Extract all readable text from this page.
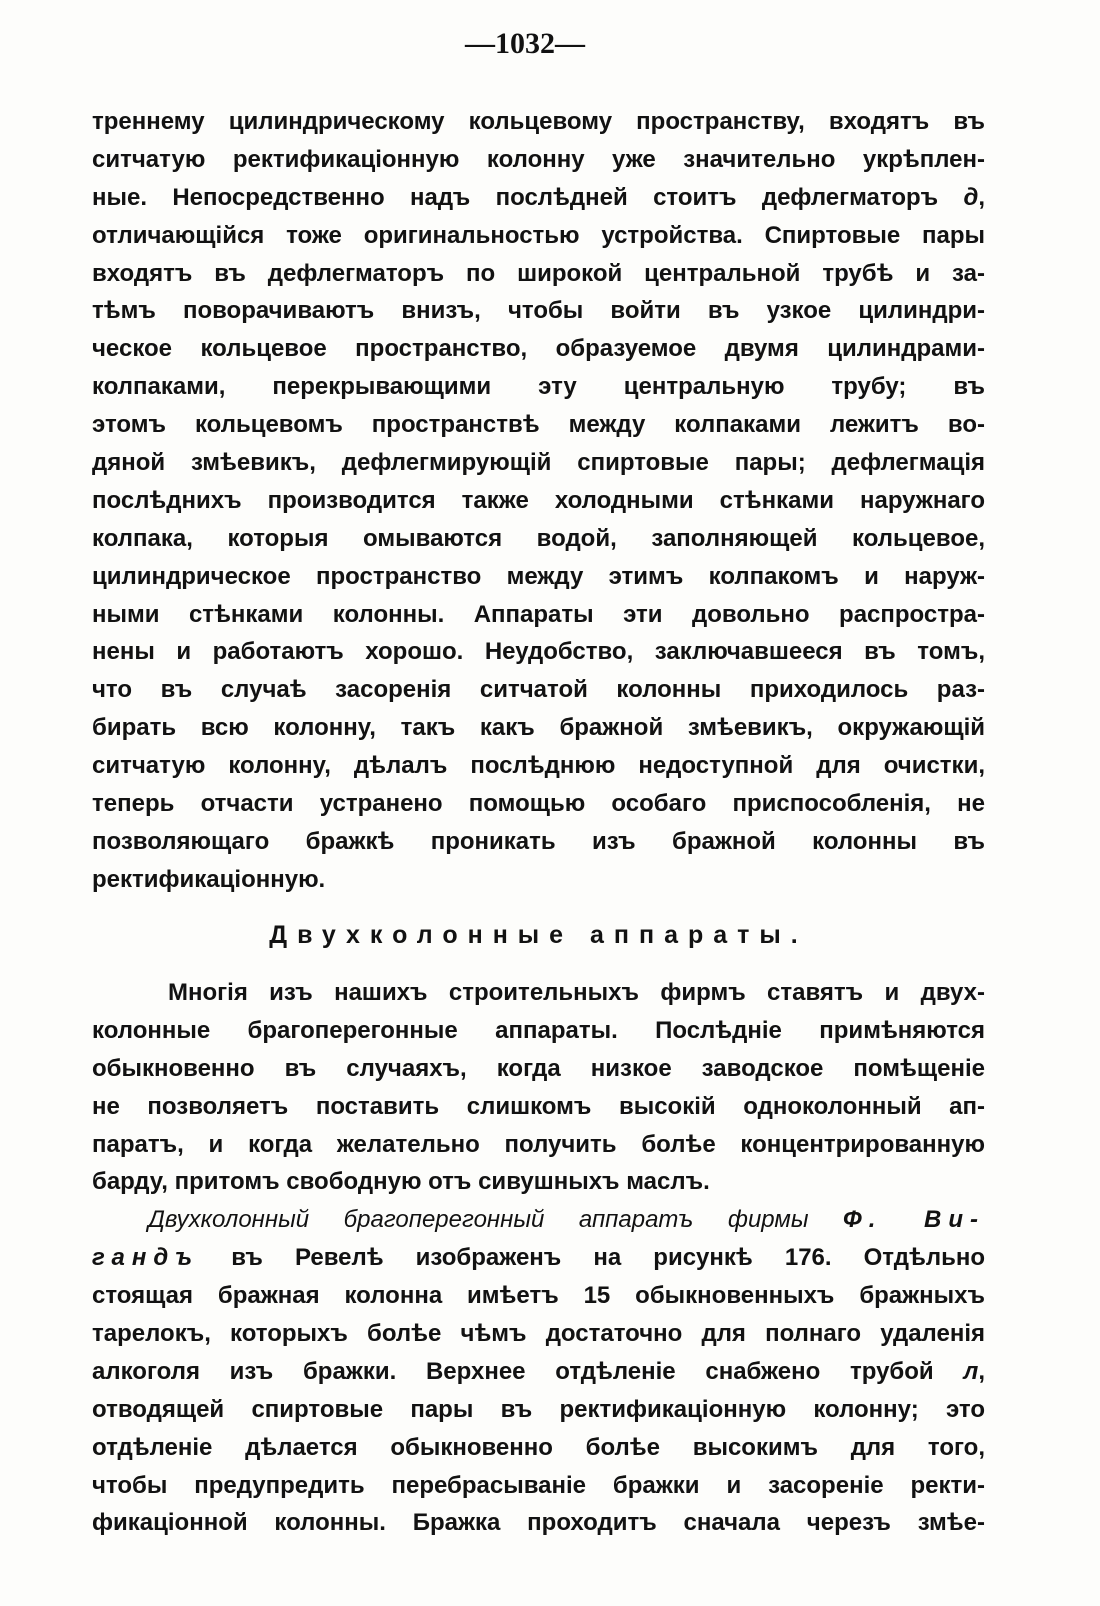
—1032—
треннему цилиндрическому кольцевому пространству, входятъ въ
ситчатую ректификаціонную колонну уже значительно укрѣплен-
ные. Непосредственно надъ послѣдней стоитъ дефлегматоръ д,
отличающійся тоже оригинальностью устройства. Спиртовые пары
входятъ въ дефлегматоръ по широкой центральной трубѣ и за-
тѣмъ поворачиваютъ внизъ, чтобы войти въ узкое цилиндри-
ческое кольцевое пространство, образуемое двумя цилиндрами-
колпаками, перекрывающими эту центральную трубу; въ
этомъ кольцевомъ пространствѣ между колпаками лежитъ во-
дяной змѣевикъ, дефлегмирующій спиртовые пары; дефлегмація
послѣднихъ производится также холодными стѣнками наружнаго
колпака, которыя омываются водой, заполняющей кольцевое,
цилиндрическое пространство между этимъ колпакомъ и наруж-
ными стѣнками колонны. Аппараты эти довольно распростра-
нены и работаютъ хорошо. Неудобство, заключавшееся въ томъ,
что въ случаѣ засоренія ситчатой колонны приходилось раз-
бирать всю колонну, такъ какъ бражной змѣевикъ, окружающій
ситчатую колонну, дѣлалъ послѣднюю недоступной для очистки,
теперь отчасти устранено помощью особаго приспособленія, не
позволяющаго бражкѣ проникать изъ бражной колонны въ
ректификаціонную.
Двухколонные аппараты.
Многія изъ нашихъ строительныхъ фирмъ ставятъ и двух-
колонные брагоперегонные аппараты. Послѣдніе примѣняются
обыкновенно въ случаяхъ, когда низкое заводское помѣщеніе
не позволяетъ поставить слишкомъ высокій одноколонный ап-
паратъ, и когда желательно получить болѣе концентрированную
барду, притомъ свободную отъ сивушныхъ маслъ.
Двухколонный брагоперегонный аппаратъ фирмы Ф. Ви-
гандъ въ Ревелѣ изображенъ на рисункѣ 176. Отдѣльно
стоящая бражная колонна имѣетъ 15 обыкновенныхъ бражныхъ
тарелокъ, которыхъ болѣе чѣмъ достаточно для полнаго удаленія
алкоголя изъ бражки. Верхнее отдѣленіе снабжено трубой л,
отводящей спиртовые пары въ ректификаціонную колонну; это
отдѣленіе дѣлается обыкновенно болѣе высокимъ для того,
чтобы предупредить перебрасываніе бражки и засореніе ректи-
фикаціонной колонны. Бражка проходитъ сначала черезъ змѣе-
